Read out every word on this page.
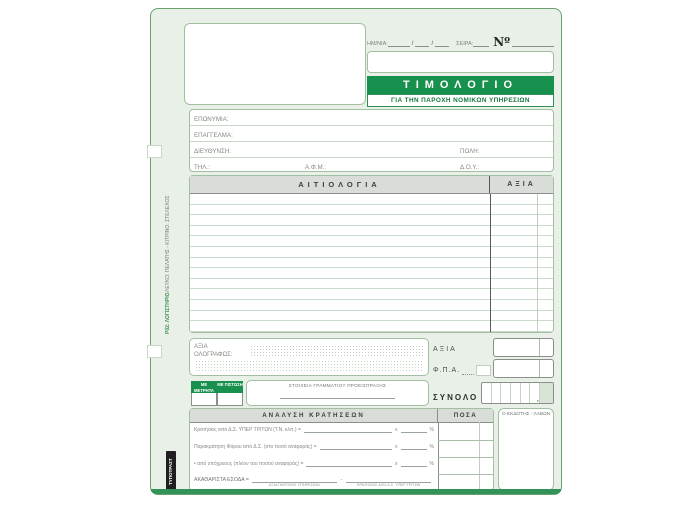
ΗΜ/ΝΙΑ:	/	/	ΣΕΙΡΑ: Νº
ΤΙΜΟΛΟΓΙΟ
ΓΙΑ ΤΗΝ ΠΑΡΟΧΗ ΝΟΜΙΚΩΝ ΥΠΗΡΕΣΙΩΝ
ΕΠΩΝΥΜΙΑ:
ΕΠΑΓΓΕΛΜΑ:
ΔΙΕΥΘΥΝΣΗ:	ΠΟΛΗ:
ΤΗΛ.:	Α.Φ.Μ.:	Δ.Ο.Υ.:
ΑΙΤΙΟΛΟΓΙΑ	ΑΞΙΑ
Ρ02: ΛΟΓΙΣΤΗΡΙΟ
ΛΕΥΚΟ: ΠΕΛΑΤΗΣ - ΚΙΤΡΙΝΟ: ΣΤΕΛΕΧΟΣ
ΤΥΠΟΤΡΑΣΤ
ΑΞΙΑ ΟΛΟΓΡΑΦΩΣ:
ΑΞΙΑ
Φ.Π.Α.
ΜΕ ΜΕΤΡΗΤΑ
ΜΕ ΠΙΣΤΩΣΗ	ΣΤΟΙΧΕΙΑ ΓΡΑΜΜΑΤΙΟΥ ΠΡΟΕΙΣΠΡΑΞΗΣ
ΣΥΝΟΛΟ	,
ΑΝΑΛΥΣΗ ΚΡΑΤΗΣΕΩΝ	ΠΟΣΑ
Κρατήσεις από Δ.Σ. ΥΠΕΡ ΤΡΙΤΩΝ (Τ.Ν. κλπ.) =	x	%
Παρακράτηση Φόρου από Δ.Σ. (στο ποσό αναφοράς) =	x	%
• από υπόχρεους (πλέον του ποσού αναφοράς) =	x	%
ΑΚΑΘΑΡΙΣΤΑ ΕΣΟΔΑ =
ΑΞΙΑ ΠΑΡΟΧΗΣ ΥΠΗΡΕΣΙΩΝ
-
ΚΡΑΤΗΣΕΙΣ ΑΠΟ Δ.Σ. ΥΠΕΡ ΤΡΙΤΩΝ
Ο ΕΚΔΟΤΗΣ - ΛΑΒΩΝ
